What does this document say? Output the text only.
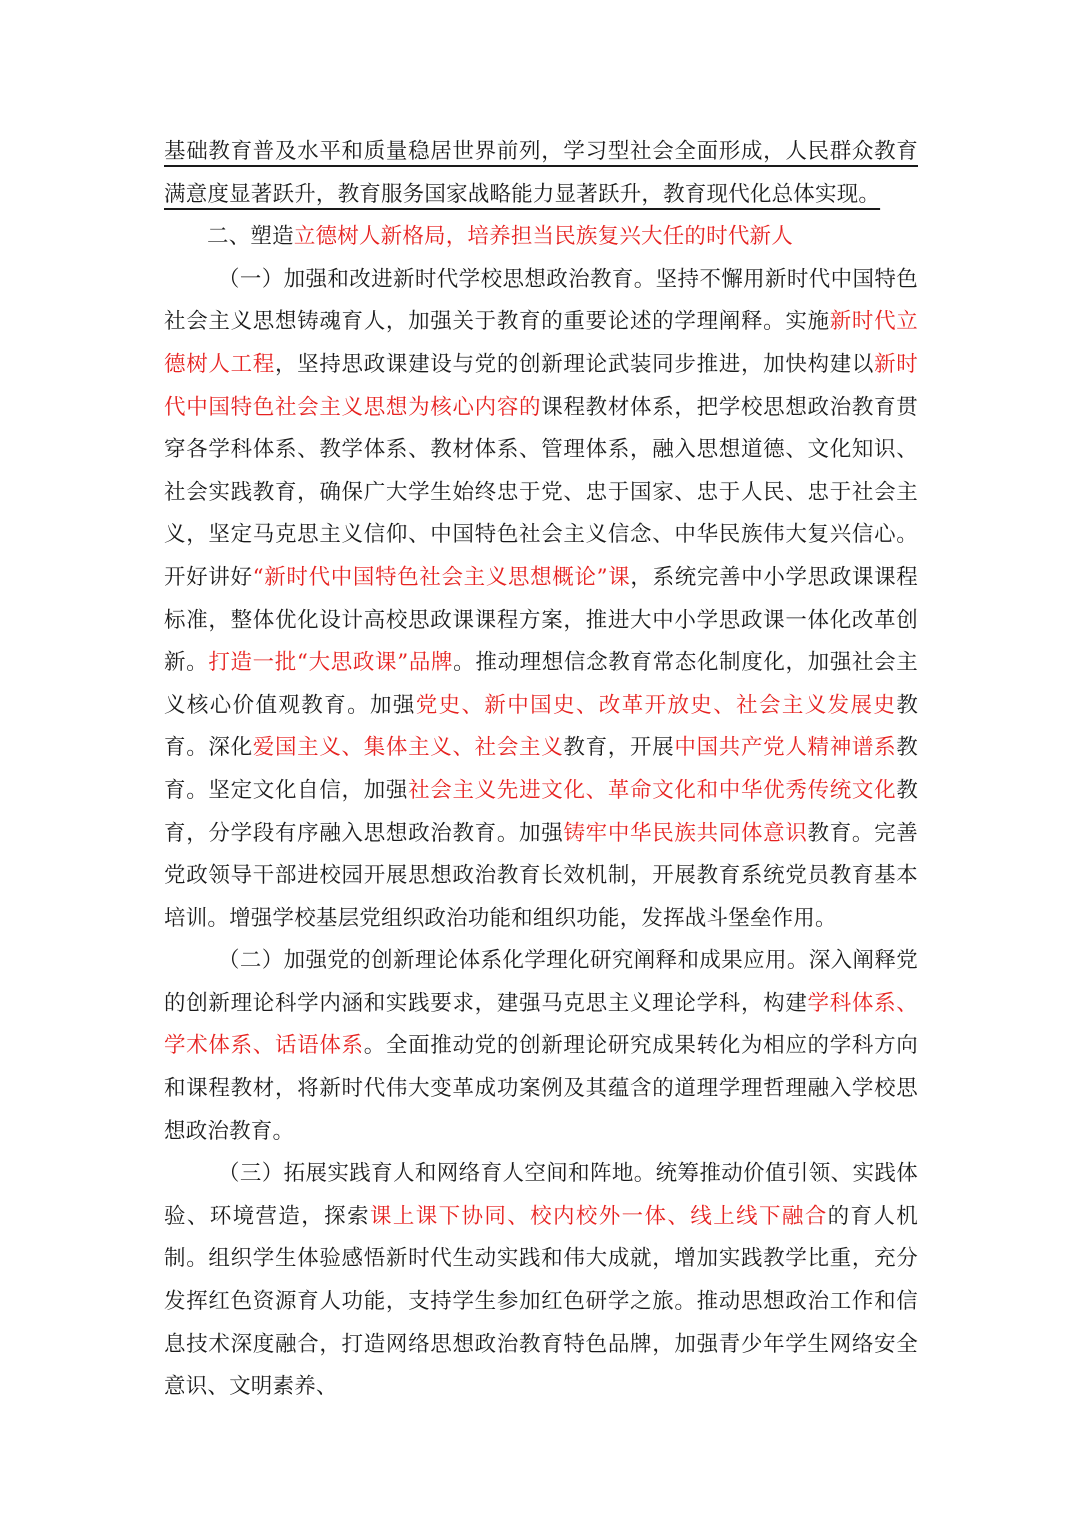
基础教育普及水平和质量稳居世界前列，学习型社会全面形成，人民群众教育满意度显著跃升，教育服务国家战略能力显著跃升，教育现代化总体实现。

二、塑造立德树人新格局，培养担当民族复兴大任的时代新人

（一）加强和改进新时代学校思想政治教育。坚持不懈用新时代中国特色社会主义思想铸魂育人，加强关于教育的重要论述的学理阐释。实施新时代立德树人工程，坚持思政课建设与党的创新理论武装同步推进，加快构建以新时代中国特色社会主义思想为核心内容的课程教材体系，把学校思想政治教育贯穿各学科体系、教学体系、教材体系、管理体系，融入思想道德、文化知识、社会实践教育，确保广大学生始终忠于党、忠于国家、忠于人民、忠于社会主义，坚定马克思主义信仰、中国特色社会主义信念、中华民族伟大复兴信心。开好讲好“新时代中国特色社会主义思想概论”课，系统完善中小学思政课课程标准，整体优化设计高校思政课课程方案，推进大中小学思政课一体化改革创新。打造一批“大思政课”品牌。推动理想信念教育常态化制度化，加强社会主义核心价值观教育。加强党史、新中国史、改革开放史、社会主义发展史教育。深化爱国主义、集体主义、社会主义教育，开展中国共产党人精神谱系教育。坚定文化自信，加强社会主义先进文化、革命文化和中华优秀传统文化教育，分学段有序融入思想政治教育。加强铸牢中华民族共同体意识教育。完善党政领导干部进校园开展思想政治教育长效机制，开展教育系统党员教育基本培训。增强学校基层党组织政治功能和组织功能，发挥战斗堡垒作用。

（二）加强党的创新理论体系化学理化研究阐释和成果应用。深入阐释党的创新理论科学内涵和实践要求，建强马克思主义理论学科，构建学科体系、学术体系、话语体系。全面推动党的创新理论研究成果转化为相应的学科方向和课程教材，将新时代伟大变革成功案例及其蕴含的道理学理哲理融入学校思想政治教育。

（三）拓展实践育人和网络育人空间和阵地。统筹推动价值引领、实践体验、环境营造，探索课上课下协同、校内校外一体、线上线下融合的育人机制。组织学生体验感悟新时代生动实践和伟大成就，增加实践教学比重，充分发挥红色资源育人功能，支持学生参加红色研学之旅。推动思想政治工作和信息技术深度融合，打造网络思想政治教育特色品牌，加强青少年学生网络安全意识、文明素养、
